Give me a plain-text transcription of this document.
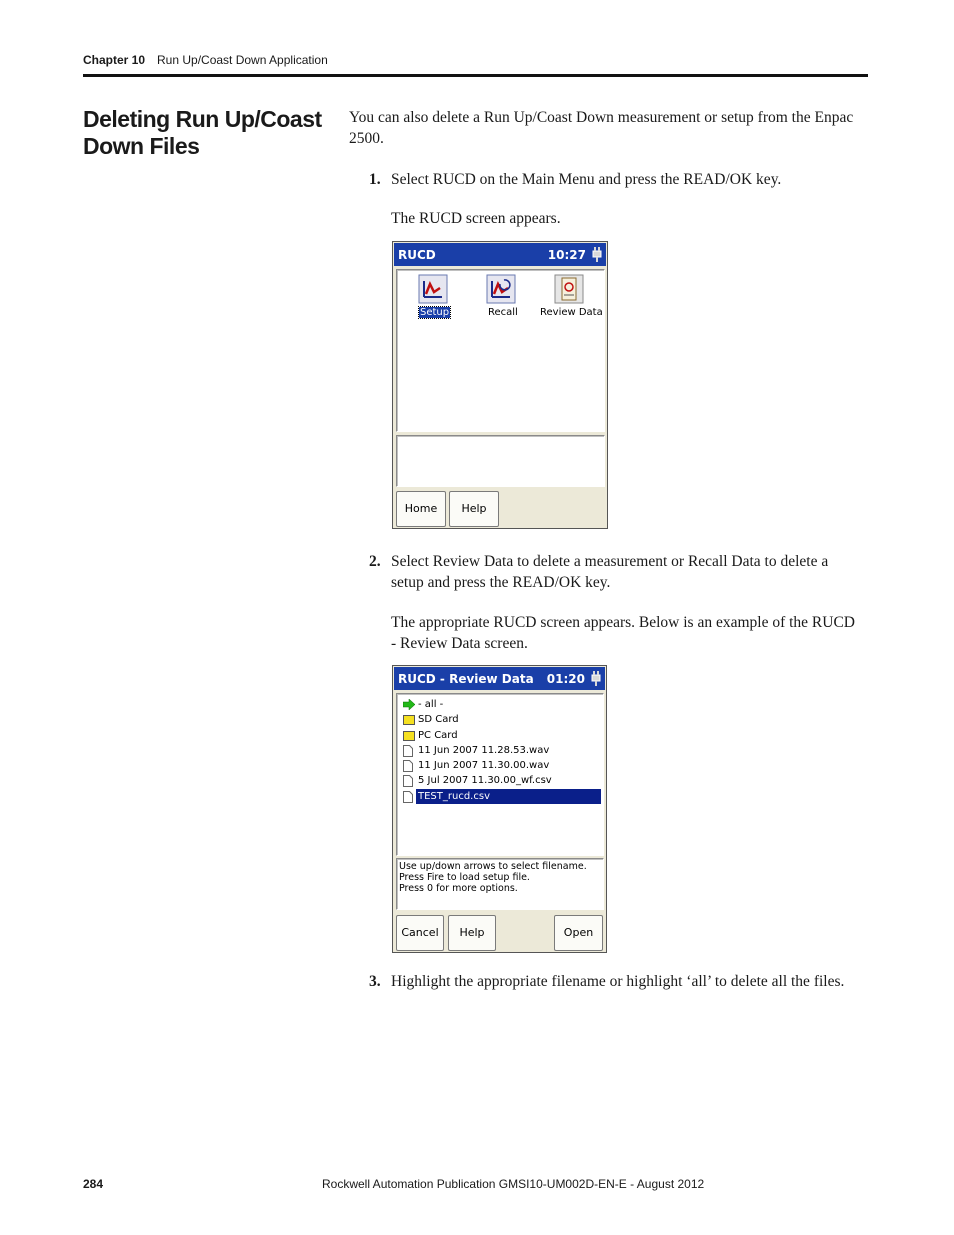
Chapter 10 Run Up/Coast Down Application
Deleting Run Up/Coast Down Files
You can also delete a Run Up/Coast Down measurement or setup from the Enpac 2500.
1. Select RUCD on the Main Menu and press the READ/OK key.
The RUCD screen appears.
RUCD	10:27
Setup	Recall Review Data
Home	Help
2. Select Review Data to delete a measurement or Recall Data to delete a setup and press the READ/OK key.
The appropriate RUCD screen appears. Below is an example of the RUCD - Review Data screen.
RUCD - Review Data 01:20
- all -
SD Card
PC Card
11 Jun 2007 11.28.53.wav
11 Jun 2007 11.30.00.wav
5 Jul 2007 11.30.00_wf.csv
TEST_rucd.csv
Use up/down arrows to select filename.
Press Fire to load setup file.
Press 0 for more options.
Cancel	Help	Open
3. Highlight the appropriate filename or highlight ‘all’ to delete all the files.
284	Rockwell Automation Publication GMSI10-UM002D-EN-E - August 2012
